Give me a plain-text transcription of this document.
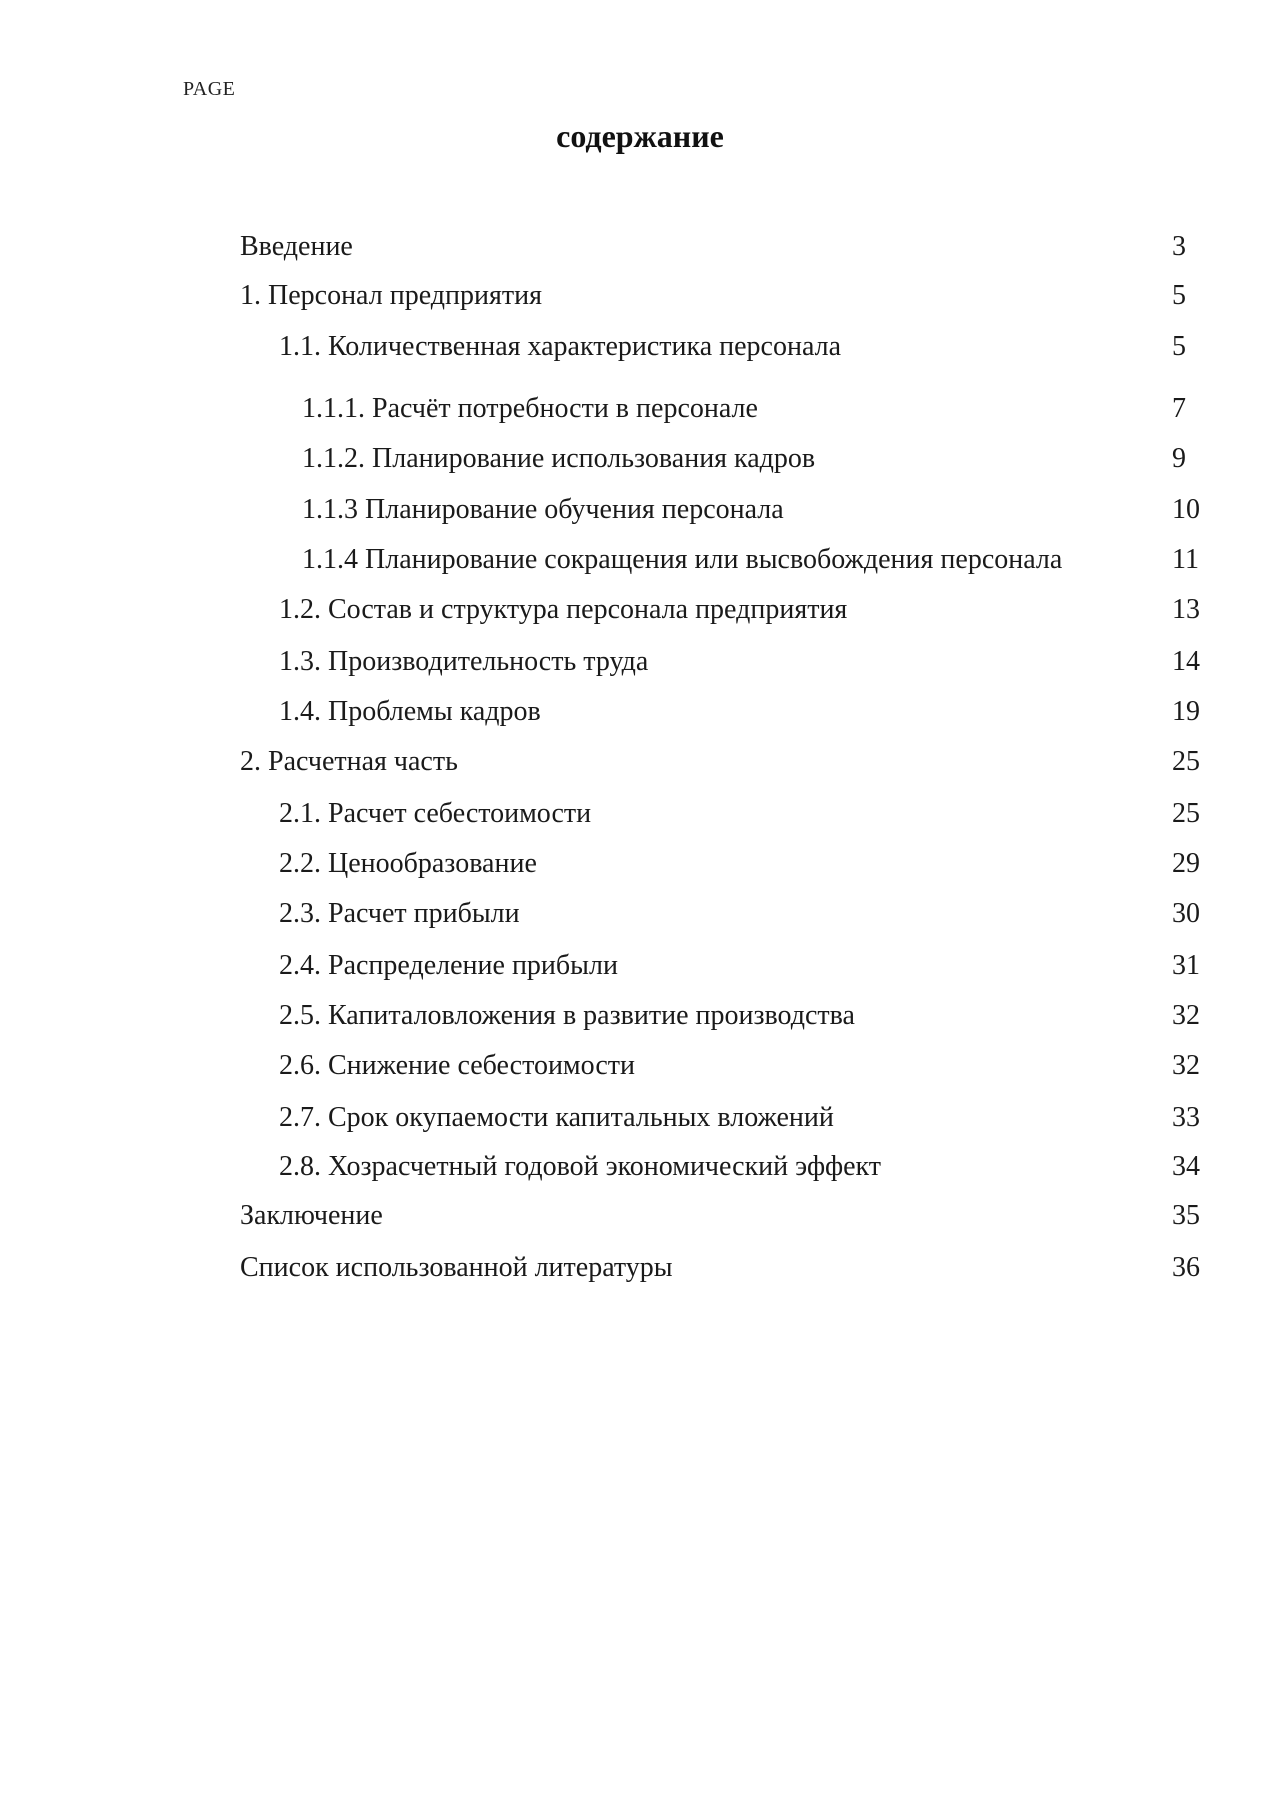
PAGE
содержание
Введение	3
1. Персонал предприятия	5
1.1. Количественная характеристика персонала	5
1.1.1. Расчёт потребности в персонале	7
1.1.2. Планирование использования кадров	9
1.1.3 Планирование обучения персонала	10
1.1.4 Планирование сокращения или высвобождения персонала	11
1.2. Состав и структура персонала предприятия	13
1.3. Производительность труда	14
1.4. Проблемы кадров	19
2. Расчетная часть	25
2.1. Расчет себестоимости	25
2.2. Ценообразование	29
2.3. Расчет прибыли	30
2.4. Распределение прибыли	31
2.5. Капиталовложения в развитие производства	32
2.6. Снижение себестоимости	32
2.7. Срок окупаемости капитальных вложений	33
2.8. Хозрасчетный годовой экономический эффект	34
Заключение	35
Список использованной литературы	36
